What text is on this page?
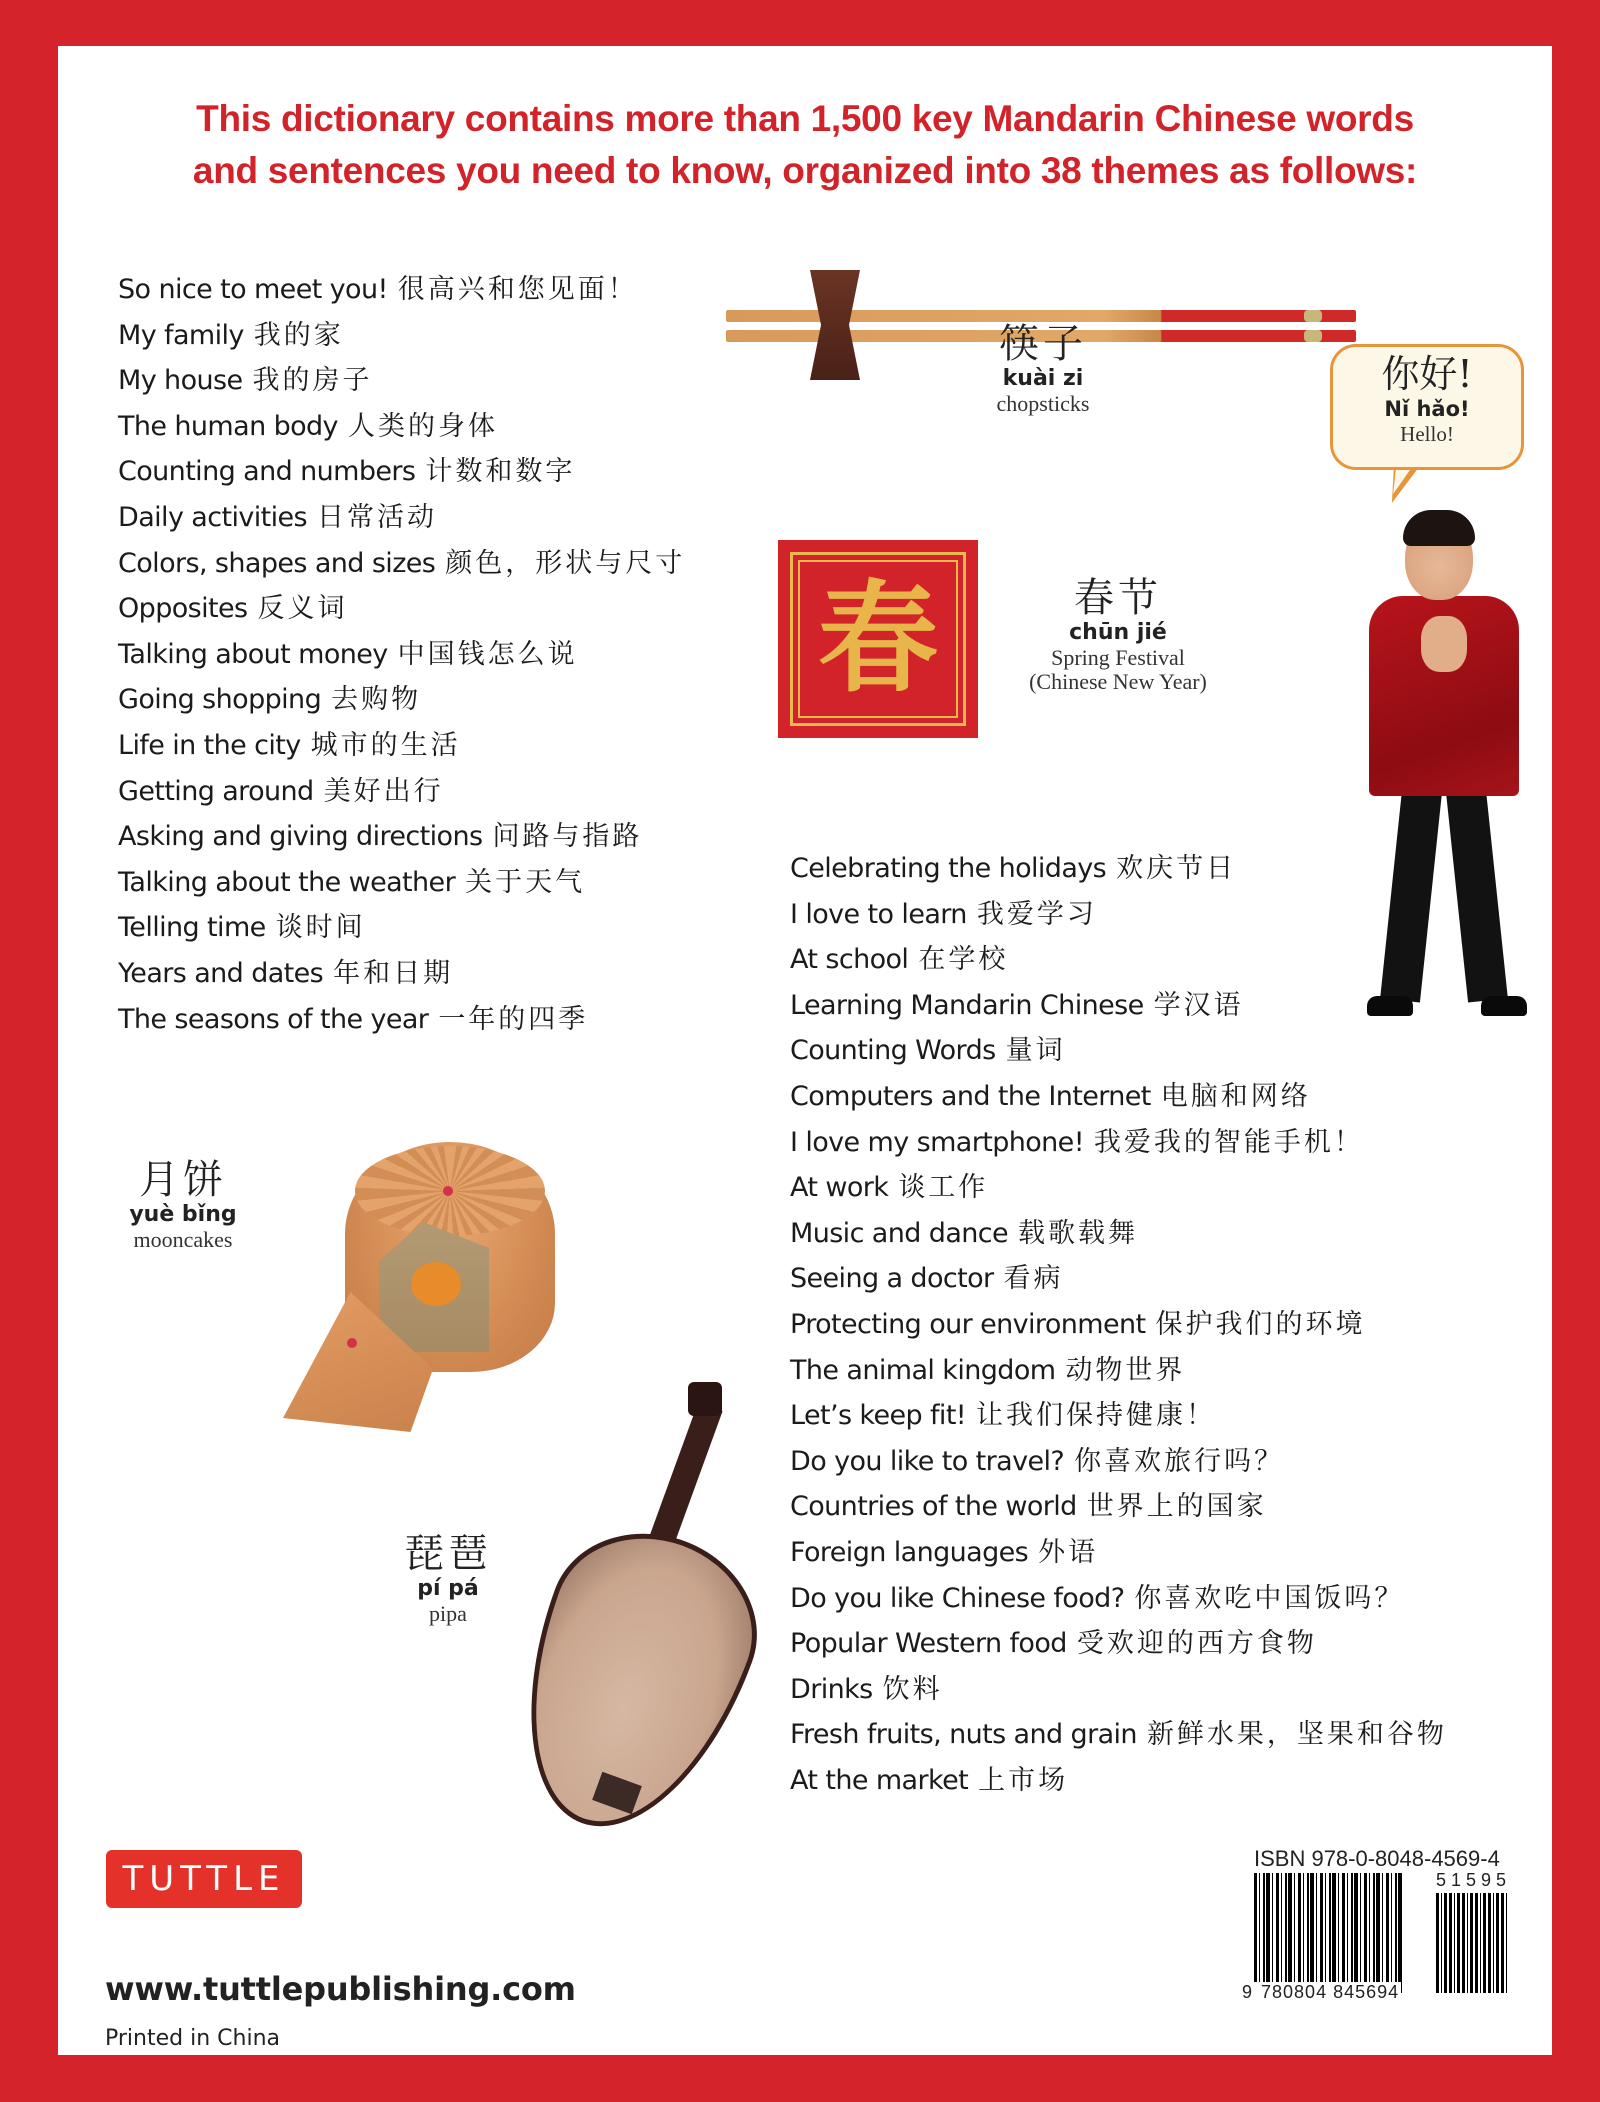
This dictionary contains more than 1,500 key Mandarin Chinese words
and sentences you need to know, organized into 38 themes as follows:
So nice to meet you! 很高兴和您见面！
My family 我的家
My house 我的房子
The human body 人类的身体
Counting and numbers 计数和数字
Daily activities 日常活动
Colors, shapes and sizes 颜色，形状与尺寸
Opposites 反义词
Talking about money 中国钱怎么说
Going shopping 去购物
Life in the city 城市的生活
Getting around 美好出行
Asking and giving directions 问路与指路
Talking about the weather 关于天气
Telling time 谈时间
Years and dates 年和日期
The seasons of the year 一年的四季
Celebrating the holidays 欢庆节日
I love to learn 我爱学习
At school 在学校
Learning Mandarin Chinese 学汉语
Counting Words 量词
Computers and the Internet 电脑和网络
I love my smartphone! 我爱我的智能手机！
At work 谈工作
Music and dance 载歌载舞
Seeing a doctor 看病
Protecting our environment 保护我们的环境
The animal kingdom 动物世界
Let’s keep fit! 让我们保持健康！
Do you like to travel? 你喜欢旅行吗？
Countries of the world 世界上的国家
Foreign languages 外语
Do you like Chinese food? 你喜欢吃中国饭吗？
Popular Western food 受欢迎的西方食物
Drinks 饮料
Fresh fruits, nuts and grain 新鲜水果，坚果和谷物
At the market 上市场
筷子
kuài zi
chopsticks
你好!
Nǐ hǎo!
Hello!
春	春节
chūn jié
Spring Festival
(Chinese New Year)
月饼
yuè bǐng
mooncakes
琵琶
pí pá
pipa
TUTTLE
www.tuttlepublishing.com
Printed in China
ISBN 978-0-8048-4569-4
51595
9 780804 845694
